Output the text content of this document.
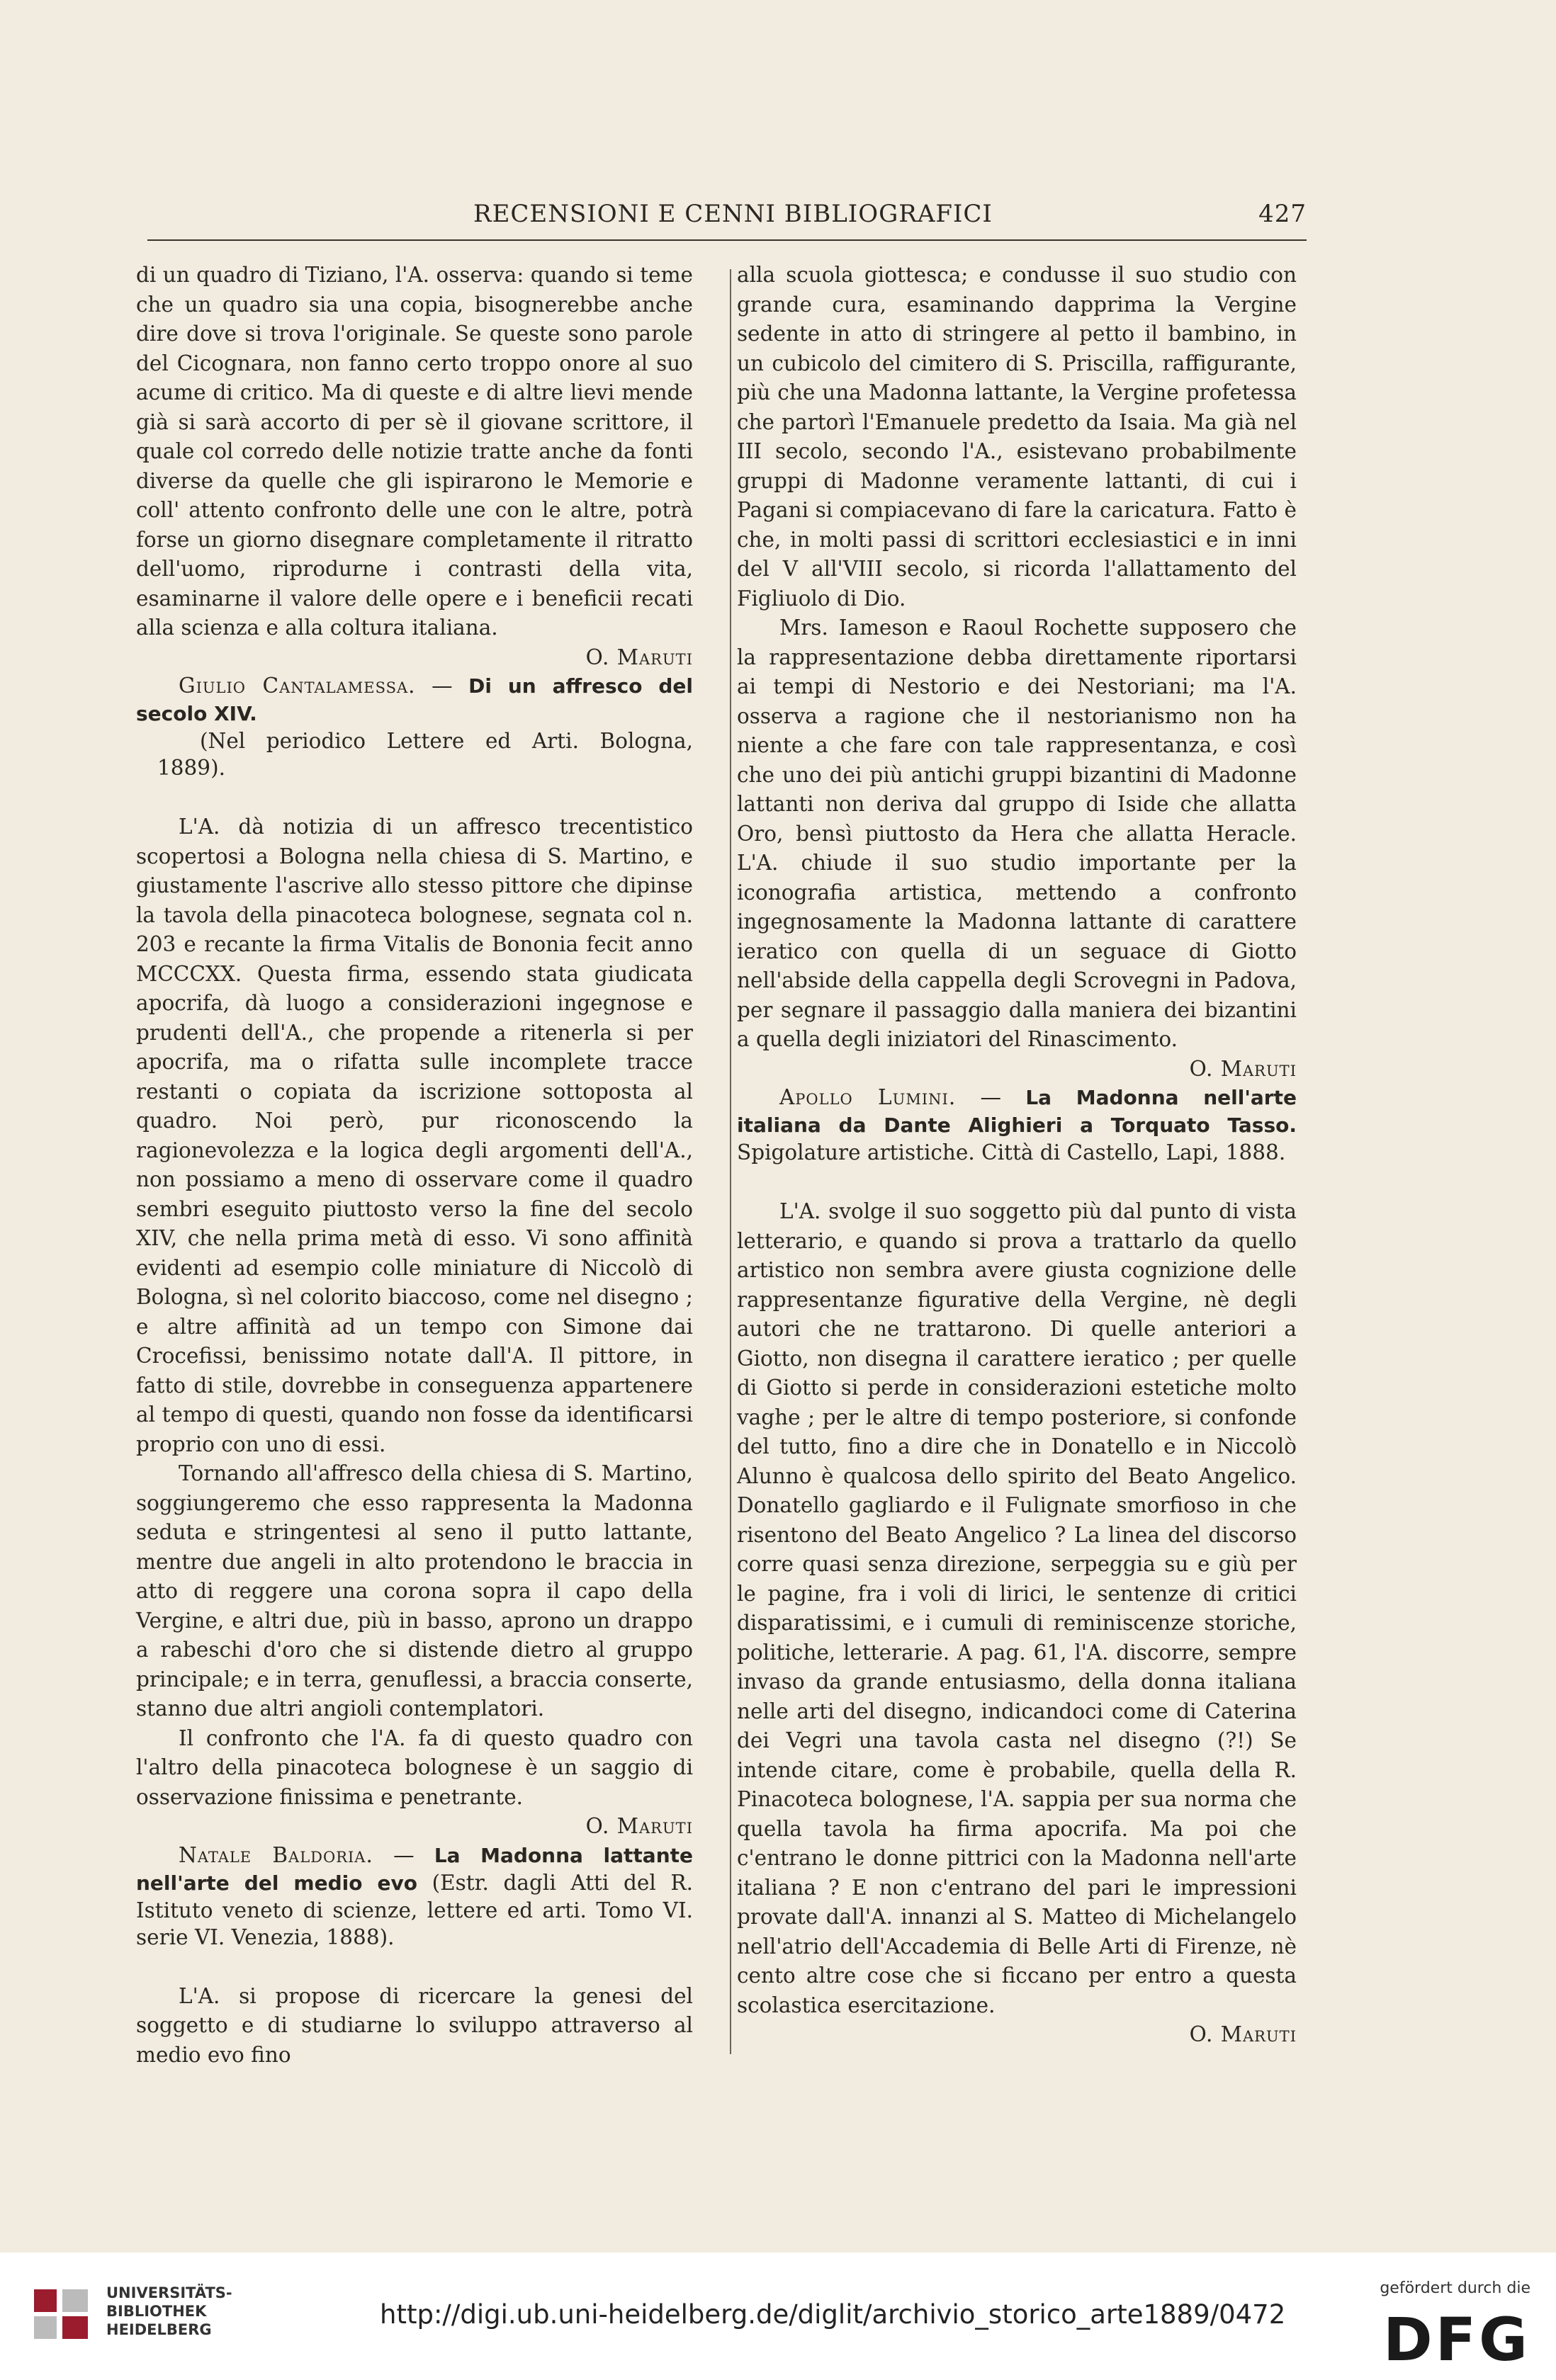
RECENSIONI E CENNI BIBLIOGRAFICI	427

di un quadro di Tiziano, l'A. osserva: quando si teme che un quadro sia una copia, bisognerebbe anche dire dove si trova l'originale. Se queste sono parole del Cicognara, non fanno certo troppo onore al suo acume di critico. Ma di queste e di altre lievi mende già si sarà accorto di per sè il giovane scrittore, il quale col corredo delle notizie tratte anche da fonti diverse da quelle che gli ispirarono le Memorie e coll' attento confronto delle une con le altre, potrà forse un giorno disegnare completamente il ritratto dell'uomo, riprodurne i contrasti della vita, esaminarne il valore delle opere e i beneficii recati alla scienza e alla coltura italiana.

O. Maruti

Giulio Cantalamessa. — Di un affresco del secolo XIV.
(Nel periodico Lettere ed Arti. Bologna, 1889).

L'A. dà notizia di un affresco trecentistico scopertosi a Bologna nella chiesa di S. Martino, e giustamente l'ascrive allo stesso pittore che dipinse la tavola della pinacoteca bolognese, segnata col n. 203 e recante la firma Vitalis de Bononia fecit anno MCCCXX. Questa firma, essendo stata giudicata apocrifa, dà luogo a considerazioni ingegnose e prudenti dell'A., che propende a ritenerla si per apocrifa, ma o rifatta sulle incomplete tracce restanti o copiata da iscrizione sottoposta al quadro. Noi però, pur riconoscendo la ragionevolezza e la logica degli argomenti dell'A., non possiamo a meno di osservare come il quadro sembri eseguito piuttosto verso la fine del secolo XIV, che nella prima metà di esso. Vi sono affinità evidenti ad esempio colle miniature di Niccolò di Bologna, sì nel colorito biaccoso, come nel disegno ; e altre affinità ad un tempo con Simone dai Crocefissi, benissimo notate dall'A. Il pittore, in fatto di stile, dovrebbe in conseguenza appartenere al tempo di questi, quando non fosse da identificarsi proprio con uno di essi.

Tornando all'affresco della chiesa di S. Martino, soggiungeremo che esso rappresenta la Madonna seduta e stringentesi al seno il putto lattante, mentre due angeli in alto protendono le braccia in atto di reggere una corona sopra il capo della Vergine, e altri due, più in basso, aprono un drappo a rabeschi d'oro che si distende dietro al gruppo principale; e in terra, genuflessi, a braccia conserte, stanno due altri angioli contemplatori.

Il confronto che l'A. fa di questo quadro con l'altro della pinacoteca bolognese è un saggio di osservazione finissima e penetrante.

O. Maruti

Natale Baldoria. — La Madonna lattante nell'arte del medio evo (Estr. dagli Atti del R. Istituto veneto di scienze, lettere ed arti. Tomo VI. serie VI. Venezia, 1888).

L'A. si propose di ricercare la genesi del soggetto e di studiarne lo sviluppo attraverso al medio evo fino

alla scuola giottesca; e condusse il suo studio con grande cura, esaminando dapprima la Vergine sedente in atto di stringere al petto il bambino, in un cubicolo del cimitero di S. Priscilla, raffigurante, più che una Madonna lattante, la Vergine profetessa che partorì l'Emanuele predetto da Isaia. Ma già nel III secolo, secondo l'A., esistevano probabilmente gruppi di Madonne veramente lattanti, di cui i Pagani si compiacevano di fare la caricatura. Fatto è che, in molti passi di scrittori ecclesiastici e in inni del V all'VIII secolo, si ricorda l'allattamento del Figliuolo di Dio.

Mrs. Iameson e Raoul Rochette supposero che la rappresentazione debba direttamente riportarsi ai tempi di Nestorio e dei Nestoriani; ma l'A. osserva a ragione che il nestorianismo non ha niente a che fare con tale rappresentanza, e così che uno dei più antichi gruppi bizantini di Madonne lattanti non deriva dal gruppo di Iside che allatta Oro, bensì piuttosto da Hera che allatta Heracle. L'A. chiude il suo studio importante per la iconografia artistica, mettendo a confronto ingegnosamente la Madonna lattante di carattere ieratico con quella di un seguace di Giotto nell'abside della cappella degli Scrovegni in Padova, per segnare il passaggio dalla maniera dei bizantini a quella degli iniziatori del Rinascimento.

O. Maruti

Apollo Lumini. — La Madonna nell'arte italiana da Dante Alighieri a Torquato Tasso. Spigolature artistiche. Città di Castello, Lapi, 1888.

L'A. svolge il suo soggetto più dal punto di vista letterario, e quando si prova a trattarlo da quello artistico non sembra avere giusta cognizione delle rappresentanze figurative della Vergine, nè degli autori che ne trattarono. Di quelle anteriori a Giotto, non disegna il carattere ieratico ; per quelle di Giotto si perde in considerazioni estetiche molto vaghe ; per le altre di tempo posteriore, si confonde del tutto, fino a dire che in Donatello e in Niccolò Alunno è qualcosa dello spirito del Beato Angelico. Donatello gagliardo e il Fulignate smorfioso in che risentono del Beato Angelico ? La linea del discorso corre quasi senza direzione, serpeggia su e giù per le pagine, fra i voli di lirici, le sentenze di critici disparatissimi, e i cumuli di reminiscenze storiche, politiche, letterarie. A pag. 61, l'A. discorre, sempre invaso da grande entusiasmo, della donna italiana nelle arti del disegno, indicandoci come di Caterina dei Vegri una tavola casta nel disegno (?!) Se intende citare, come è probabile, quella della R. Pinacoteca bolognese, l'A. sappia per sua norma che quella tavola ha firma apocrifa. Ma poi che c'entrano le donne pittrici con la Madonna nell'arte italiana ? E non c'entrano del pari le impressioni provate dall'A. innanzi al S. Matteo di Michelangelo nell'atrio dell'Accademia di Belle Arti di Firenze, nè cento altre cose che si ficcano per entro a questa scolastica esercitazione.

O. Maruti

UNIVERSITÄTS-
BIBLIOTHEK
HEIDELBERG	http://digi.ub.uni-heidelberg.de/diglit/archivio_storico_arte1889/0472
gefördert durch die
DFG
